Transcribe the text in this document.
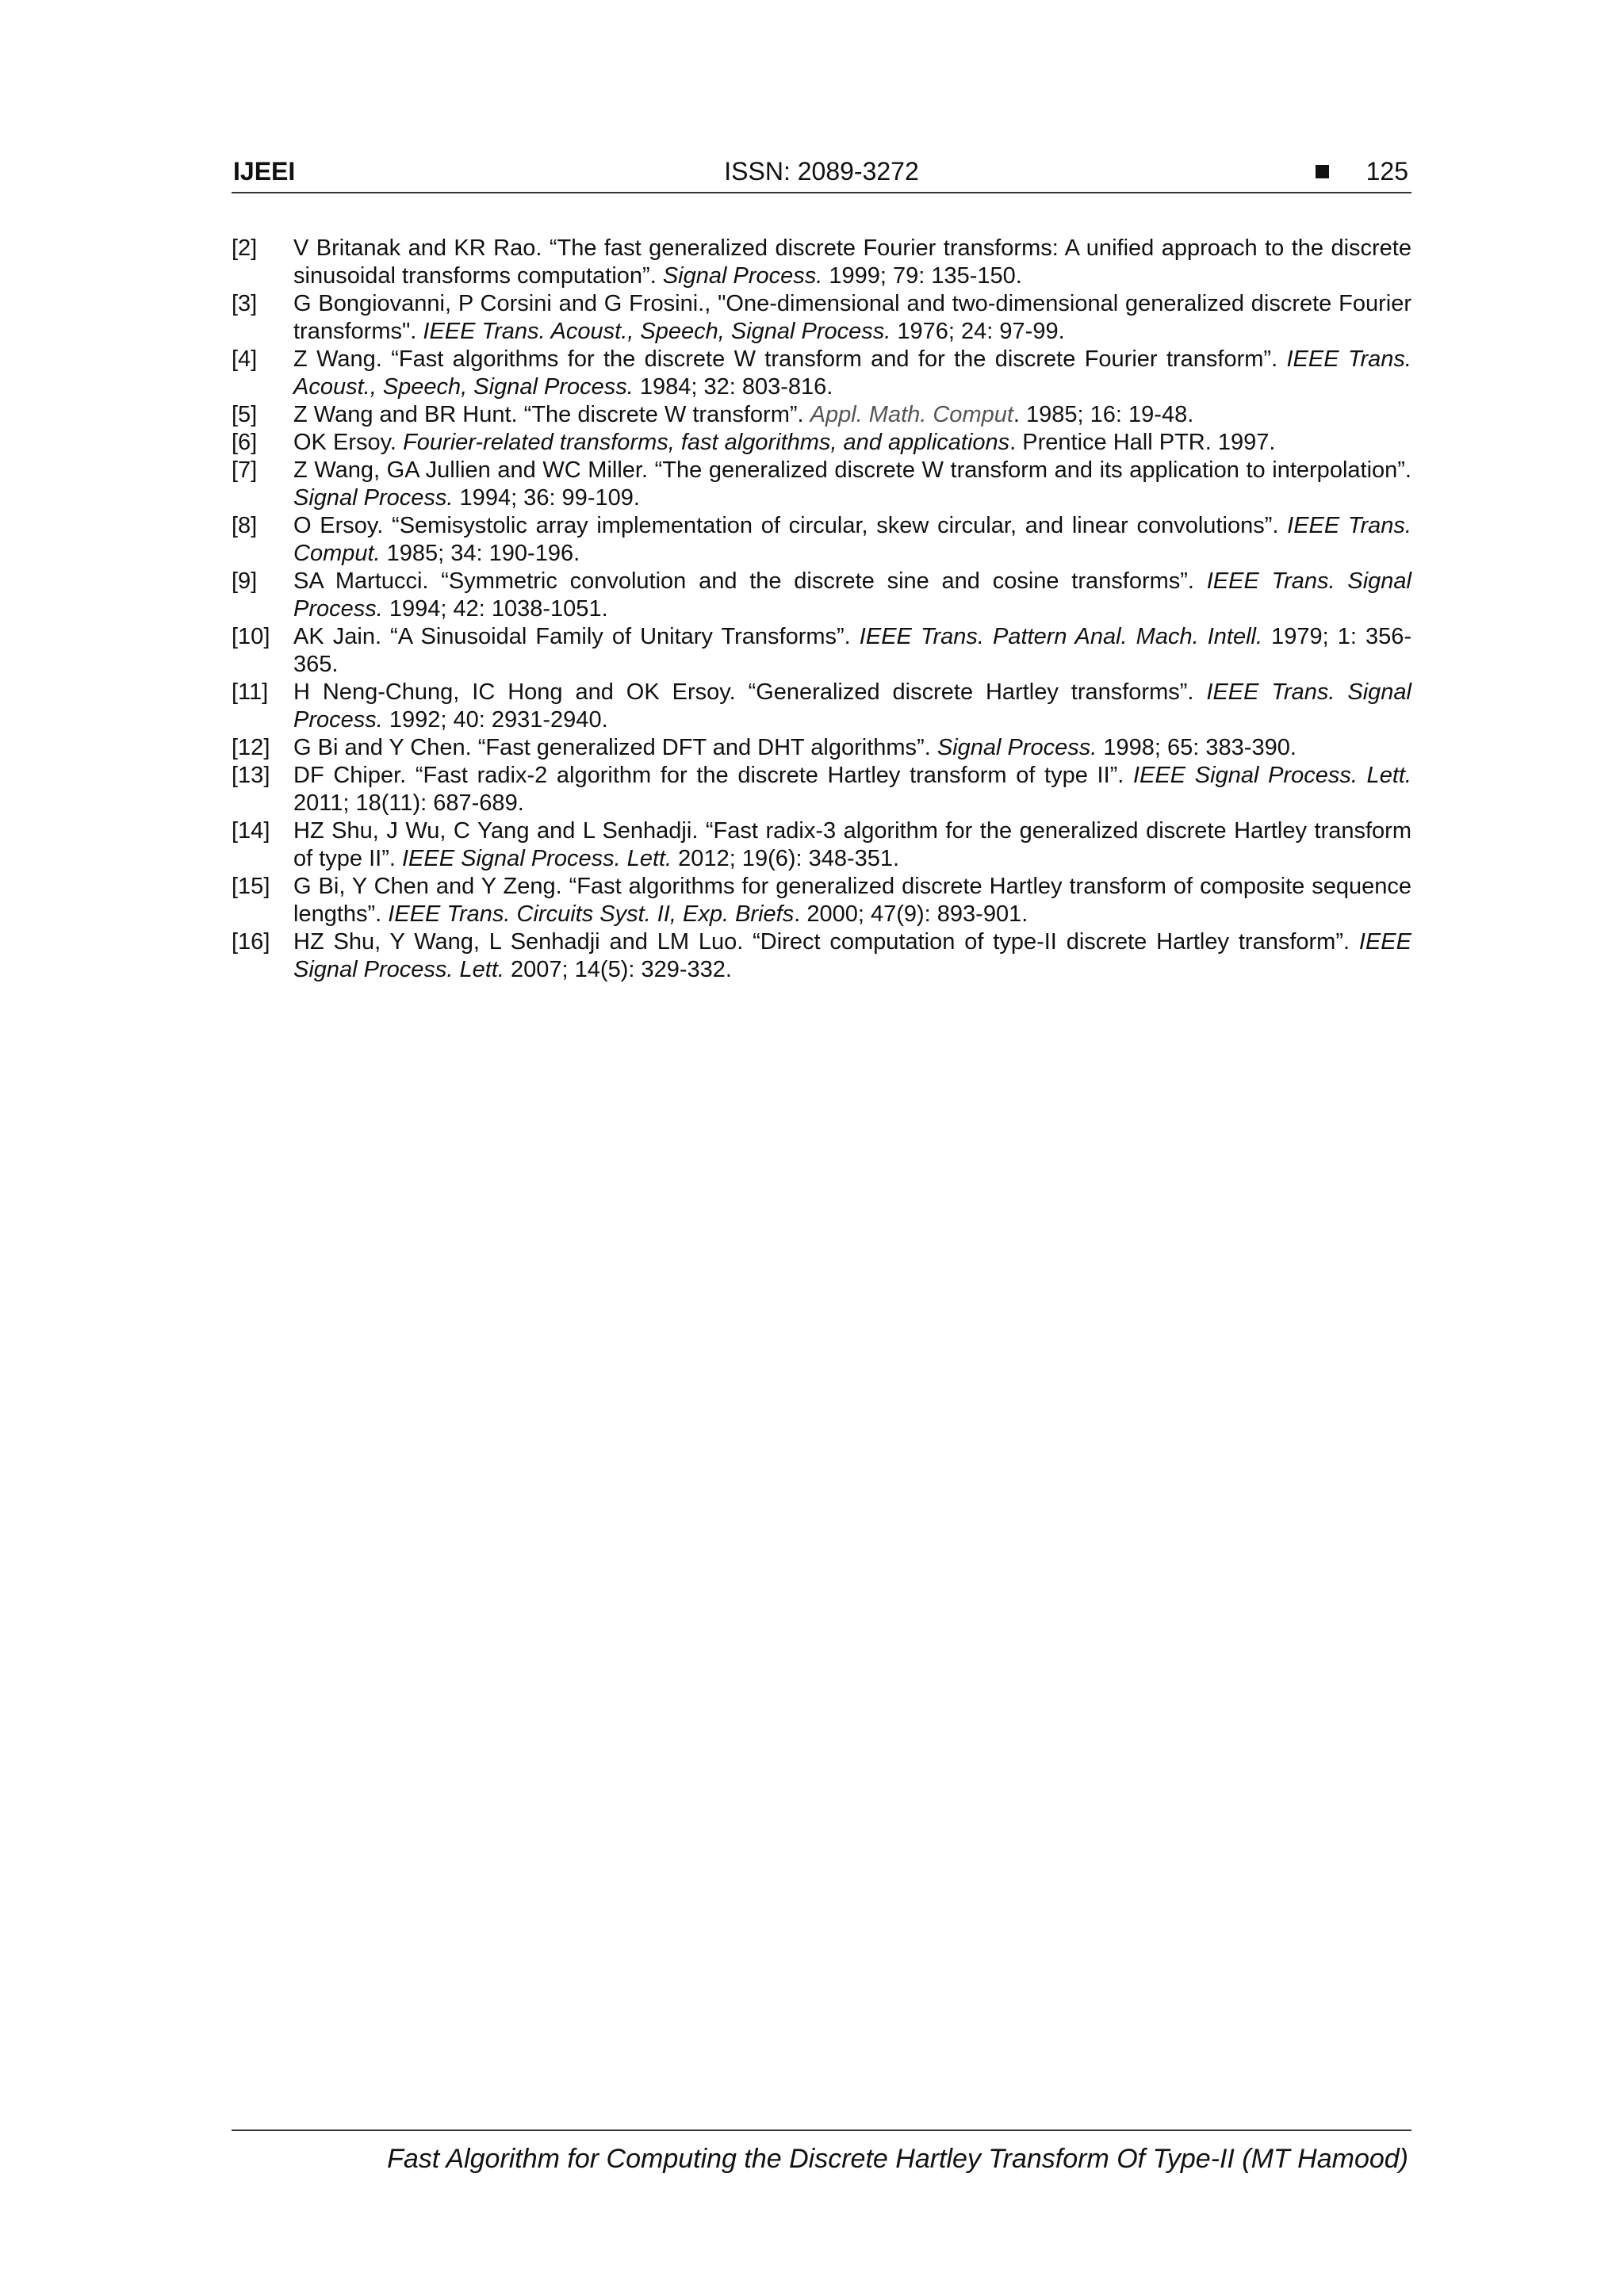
IJEEI	ISSN: 2089-3272	125
[2]	V Britanak and KR Rao. “The fast generalized discrete Fourier transforms: A unified approach to the discrete sinusoidal transforms computation”. Signal Process. 1999; 79: 135-150.
[3]	G Bongiovanni, P Corsini and G Frosini., "One-dimensional and two-dimensional generalized discrete Fourier transforms". IEEE Trans. Acoust., Speech, Signal Process. 1976; 24: 97-99.
[4]	Z Wang. “Fast algorithms for the discrete W transform and for the discrete Fourier transform”. IEEE Trans. Acoust., Speech, Signal Process. 1984; 32: 803-816.
[5]	Z Wang and BR Hunt. “The discrete W transform”. Appl. Math. Comput. 1985; 16: 19-48.
[6]	OK Ersoy. Fourier-related transforms, fast algorithms, and applications. Prentice Hall PTR. 1997.
[7]	Z Wang, GA Jullien and WC Miller. “The generalized discrete W transform and its application to interpolation”. Signal Process. 1994; 36: 99-109.
[8]	O Ersoy. “Semisystolic array implementation of circular, skew circular, and linear convolutions”. IEEE Trans. Comput. 1985; 34: 190-196.
[9]	SA Martucci. “Symmetric convolution and the discrete sine and cosine transforms”. IEEE Trans. Signal Process. 1994; 42: 1038-1051.
[10]	AK Jain. “A Sinusoidal Family of Unitary Transforms”. IEEE Trans. Pattern Anal. Mach. Intell. 1979; 1: 356-365.
[11]	H Neng-Chung, IC Hong and OK Ersoy. “Generalized discrete Hartley transforms”. IEEE Trans. Signal Process. 1992; 40: 2931-2940.
[12]	G Bi and Y Chen. “Fast generalized DFT and DHT algorithms”. Signal Process. 1998; 65: 383-390.
[13]	DF Chiper. “Fast radix-2 algorithm for the discrete Hartley transform of type II”. IEEE Signal Process. Lett. 2011; 18(11): 687-689.
[14]	HZ Shu, J Wu, C Yang and L Senhadji. “Fast radix-3 algorithm for the generalized discrete Hartley transform of type II”. IEEE Signal Process. Lett. 2012; 19(6): 348-351.
[15]	G Bi, Y Chen and Y Zeng. “Fast algorithms for generalized discrete Hartley transform of composite sequence lengths”. IEEE Trans. Circuits Syst. II, Exp. Briefs. 2000; 47(9): 893-901.
[16]	HZ Shu, Y Wang, L Senhadji and LM Luo. “Direct computation of type-II discrete Hartley transform”. IEEE Signal Process. Lett. 2007; 14(5): 329-332.
Fast Algorithm for Computing the Discrete Hartley Transform Of Type-II (MT Hamood)
